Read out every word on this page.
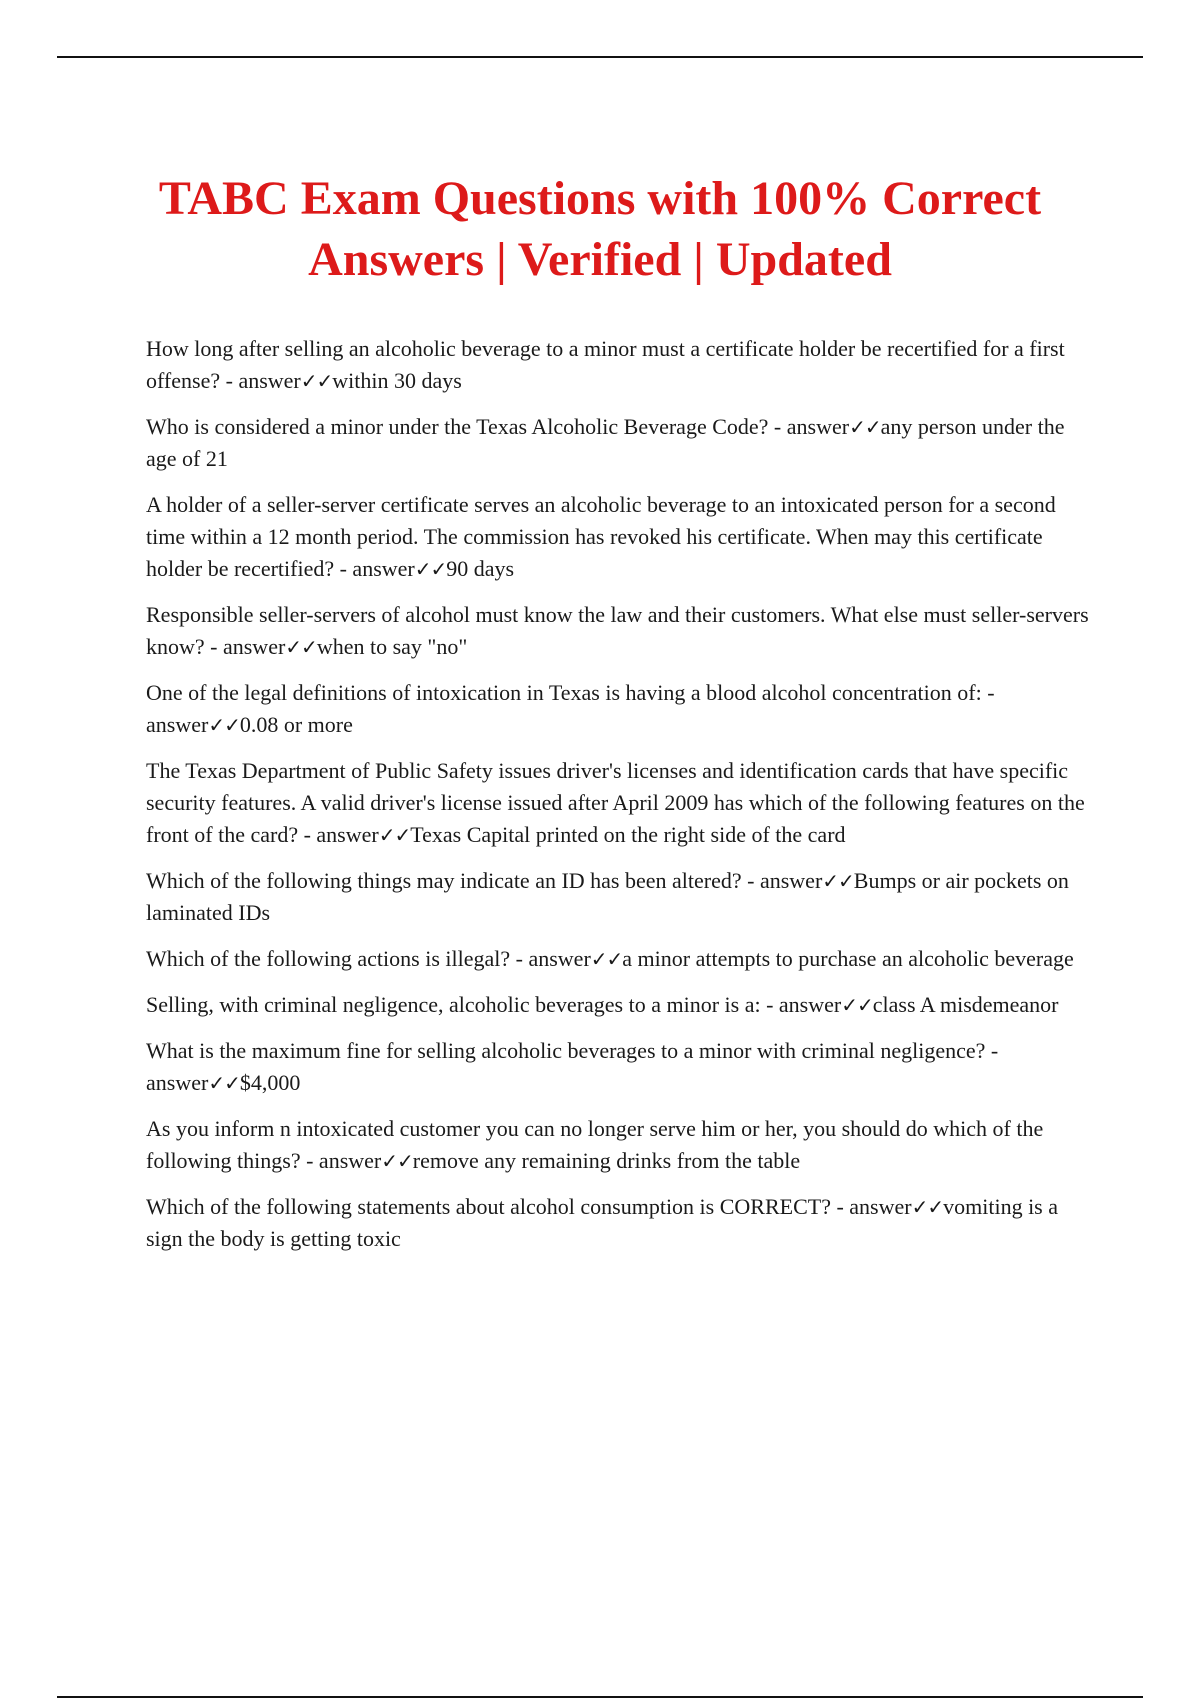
TABC Exam Questions with 100% Correct
Answers | Verified | Updated
How long after selling an alcoholic beverage to a minor must a certificate holder be recertified for a first offense? - answer✓✓within 30 days
Who is considered a minor under the Texas Alcoholic Beverage Code? - answer✓✓any person under the age of 21
A holder of a seller-server certificate serves an alcoholic beverage to an intoxicated person for a second time within a 12 month period. The commission has revoked his certificate. When may this certificate holder be recertified? - answer✓✓90 days
Responsible seller-servers of alcohol must know the law and their customers. What else must seller-servers know? - answer✓✓when to say "no"
One of the legal definitions of intoxication in Texas is having a blood alcohol concentration of: - answer✓✓0.08 or more
The Texas Department of Public Safety issues driver's licenses and identification cards that have specific security features. A valid driver's license issued after April 2009 has which of the following features on the front of the card? - answer✓✓Texas Capital printed on the right side of the card
Which of the following things may indicate an ID has been altered? - answer✓✓Bumps or air pockets on laminated IDs
Which of the following actions is illegal? - answer✓✓a minor attempts to purchase an alcoholic beverage
Selling, with criminal negligence, alcoholic beverages to a minor is a: - answer✓✓class A misdemeanor
What is the maximum fine for selling alcoholic beverages to a minor with criminal negligence? - answer✓✓$4,000
As you inform n intoxicated customer you can no longer serve him or her, you should do which of the following things? - answer✓✓remove any remaining drinks from the table
Which of the following statements about alcohol consumption is CORRECT? - answer✓✓vomiting is a sign the body is getting toxic
